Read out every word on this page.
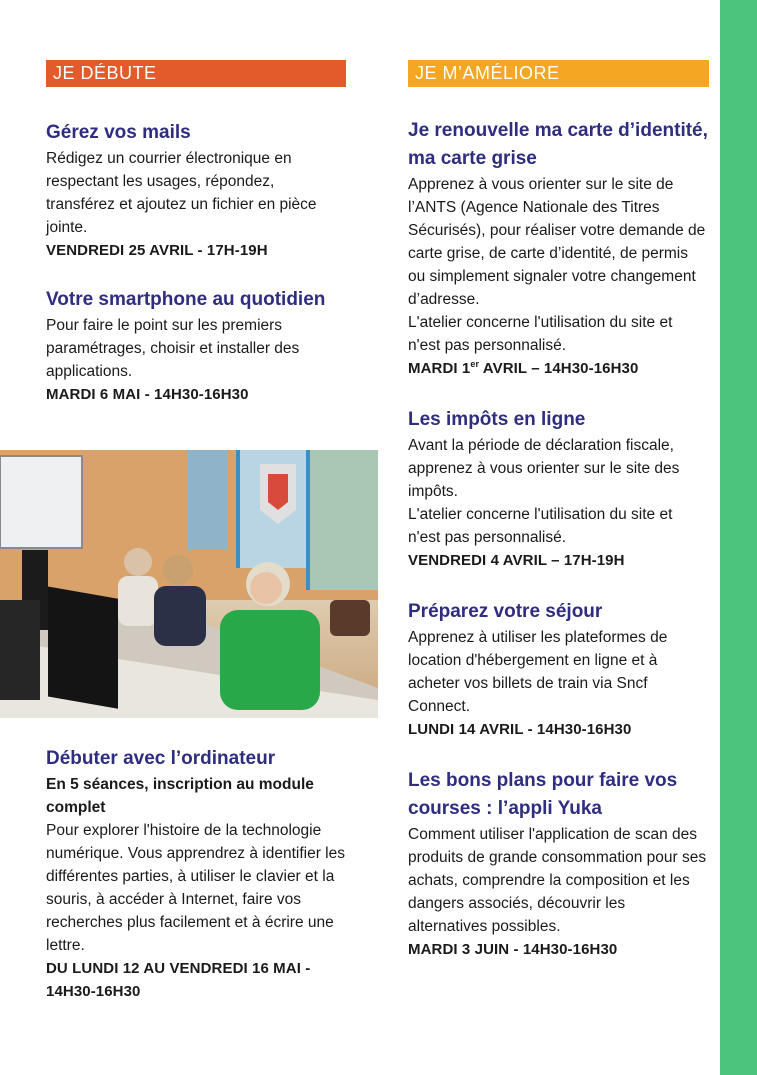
JE DÉBUTE
Gérez vos mails

Rédigez un courrier électronique en respectant les usages, répondez, transférez et ajoutez un fichier en pièce jointe.

VENDREDI 25 AVRIL - 17H-19H
Votre smartphone au quotidien

Pour faire le point sur les premiers paramétrages, choisir et installer des applications.

MARDI 6 MAI - 14H30-16H30
Débuter avec l’ordinateur
En 5 séances, inscription au module complet

Pour explorer l'histoire de la technologie numérique. Vous apprendrez à identifier les différentes parties, à utiliser le clavier et la souris, à accéder à Internet, faire vos recherches plus facilement et à écrire une lettre.

DU LUNDI 12 AU VENDREDI 16 MAI - 14H30-16H30
JE M’AMÉLIORE
Je renouvelle ma carte d’identité, ma carte grise

Apprenez à vous orienter sur le site de l’ANTS (Agence Nationale des Titres Sécurisés), pour réaliser votre demande de carte grise, de carte d’identité, de permis ou simplement signaler votre changement d’adresse.

L'atelier concerne l'utilisation du site et n'est pas personnalisé.

MARDI 1er AVRIL – 14H30-16H30
Les impôts en ligne

Avant la période de déclaration fiscale, apprenez à vous orienter sur le site des impôts.

L'atelier concerne l'utilisation du site et n'est pas personnalisé.

VENDREDI 4 AVRIL – 17H-19H
Préparez votre séjour

Apprenez à utiliser les plateformes de location d'hébergement en ligne et à acheter vos billets de train via Sncf Connect.

LUNDI 14 AVRIL - 14H30-16H30
Les bons plans pour faire vos courses : l’appli Yuka

Comment utiliser l'application de scan des produits de grande consommation pour ses achats, comprendre la composition et les dangers associés, découvrir les alternatives possibles.

MARDI 3 JUIN - 14H30-16H30
